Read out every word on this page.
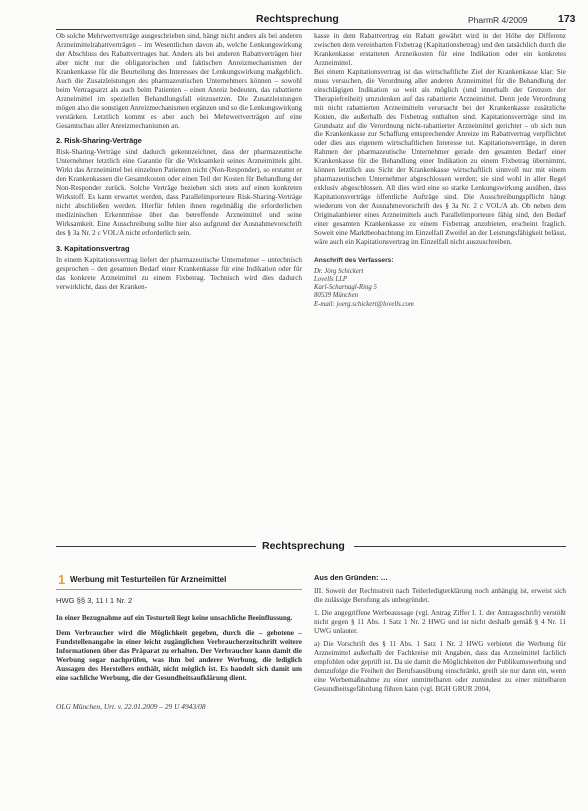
Rechtsprechung	PharmR 4/2009	173

Ob solche Mehrwertverträge ausgeschrieben sind, hängt nicht anders als bei anderen Arzneimittelrabattverträgen – im Wesentlichen davon ab, welche Lenkungswirkung der Abschluss des Rabattvertrages hat. Anders als bei anderen Rabattverträgen hier aber nicht nur die obligatorischen und faktischen Anreizmechanismen der Krankenkasse für die Beurteilung des Interesses der Lenkungswirkung maßgeblich. Auch die Zusatzleistungen des pharmazeutischen Unternehmers können – sowohl beim Vertragsarzt als auch beim Patienten – einen Anreiz bedeuten, das rabattierte Arzneimittel im speziellen Behandlungsfall einzusetzen. Die Zusatzleistungen mögen also die sonstigen Anreizmechanismen ergänzen und so die Lenkungswirkung verstärken. Letztlich kommt es aber auch bei Mehrwertverträgen auf eine Gesamtschau aller Anreizmechanismen an.

2. Risk-Sharing-Verträge

Risk-Sharing-Verträge sind dadurch gekennzeichnet, dass der pharmazeutische Unternehmer letztlich eine Garantie für die Wirksamkeit seines Arzneimittels gibt. Wirkt das Arzneimittel bei einzelnen Patienten nicht (Non-Responder), so erstattet er den Krankenkassen die Gesamtkosten oder einen Teil der Kosten für Behandlung der Non-Responder zurück. Solche Verträge beziehen sich stets auf einen konkreten Wirkstoff. Es kann erwartet werden, dass Parallelimporteure Risk-Sharing-Verträge nicht abschließen werden. Hierfür fehlen ihnen regelmäßig die erforderlichen medizinischen Erkenntnisse über das betreffende Arzneimittel und seine Wirksamkeit. Eine Ausschreibung sollte hier also aufgrund der Ausnahmevorschrift des § 3a Nr. 2 c VOL/A nicht erforderlich sein.

3. Kapitationsvertrag

In einem Kapitationsvertrag liefert der pharmazeutische Unternehmer – untechnisch gesprochen – den gesamten Bedarf einer Krankenkasse für eine Indikation oder für das konkrete Arzneimittel zu einem Fixbetrag. Technisch wird dies dadurch verwirklicht, dass der Kranken-

kasse in dem Rabattvertrag ein Rabatt gewährt wird in der Höhe der Differenz zwischen dem vereinbarten Fixbetrag (Kapitationsbetrag) und den tatsächlich durch die Krankenkasse erstatteten Arzneikosten für eine Indikation oder ein konkretes Arzneimittel.

Bei einem Kapitationsvertrag ist das wirtschaftliche Ziel der Krankenkasse klar: Sie muss versuchen, die Verordnung aller anderen Arzneimittel für die Behandlung der einschlägigen Indikation so weit als möglich (und innerhalb der Grenzen der Therapiefreiheit) umzulenken auf das rabattierte Arzneimittel. Denn jede Verordnung mit nicht rabattierten Arzneimitteln verursacht bei der Krankenkasse zusätzliche Kosten, die außerhalb des Fixbetrag enthalten sind. Kapitationsverträge sind im Grundsatz auf die Verordnung nicht-rabattierter Arzneimittel gerichtet – ob sich nun die Krankenkasse zur Schaffung entsprechender Anreize im Rabattvertrag verpflichtet oder dies aus eigenem wirtschaftlichen Interesse tut. Kapitationsverträge, in deren Rahmen der pharmazeutische Unternehmer gerade den gesamten Bedarf einer Krankenkasse für die Behandlung einer Indikation zu einem Fixbetrag übernimmt, können letztlich aus Sicht der Krankenkasse wirtschaftlich sinnvoll nur mit einem pharmazeutischen Unternehmer abgeschlossen werden; sie sind wohl in aller Regel exklusiv abgeschlossen. All dies wird eine so starke Lenkungswirkung ausüben, dass Kapitationsverträge öffentliche Aufträge sind. Die Ausschreibungspflicht hängt wiederum von der Ausnahmevorschrift des § 3a Nr. 2 c VOL/A ab. Ob neben dem Originalanbieter eines Arzneimittels auch Parallelimporteure fähig sind, den Bedarf einer gesamten Krankenkasse zu einem Fixbetrag anzubieten, erscheint fraglich. Soweit eine Marktbeobachtung im Einzelfall Zweifel an der Leistungsfähigkeit belässt, wäre auch ein Kapitationsvertrag im Einzelfall nicht auszuschreiben.

Anschrift des Verfassers:
Dr. Jörg Schickert
Lovells LLP
Karl-Scharnagl-Ring 5
80539 München
E-mail: joerg.schickert@lovells.com
Rechtsprechung
1 Werbung mit Testurteilen für Arzneimittel

HWG §§ 3, 11 I 1 Nr. 2

In einer Bezugnahme auf ein Testurteil liegt keine unsachliche Beeinflussung.

Dem Verbraucher wird die Möglichkeit gegeben, durch die – gebotene – Fundstellenangabe in einer leicht zugänglichen Verbraucherzeitschrift weitere Informationen über das Präparat zu erhalten. Der Verbraucher kann damit die Werbung sogar nachprüfen, was ihm bei anderer Werbung, die lediglich Aussagen des Herstellers enthält, nicht möglich ist. Es handelt sich damit um eine sachliche Werbung, die der Gesundheitsaufklärung dient.

OLG München, Urt. v. 22.01.2009 – 29 U 4943/08

Aus den Gründen: …

III. Soweit der Rechtsstreit nach Teilerledigterklärung noch anhängig ist, erweist sich die zulässige Berufung als unbegründet.

1. Die angegriffene Werbeaussage (vgl. Antrag Ziffer I. 1. der Antragsschrift) verstößt nicht gegen § 11 Abs. 1 Satz 1 Nr. 2 HWG und ist nicht deshalb gemäß § 4 Nr. 11 UWG unlauter.

a) Die Vorschrift des § 11 Abs. 1 Satz 1 Nr. 2 HWG verbietet die Werbung für Arzneimittel außerhalb der Fachkreise mit Angaben, dass das Arzneimittel fachlich empfohlen oder geprüft ist. Da sie damit die Möglichkeiten der Publikumswerbung und demzufolge die Freiheit der Berufsausübung einschränkt, greift sie nur dann ein, wenn eine Werbemaßnahme zu einer unmittelbaren oder zumindest zu einer mittelbaren Gesundheitsgefährdung führen kann (vgl. BGH GRUR 2004,
